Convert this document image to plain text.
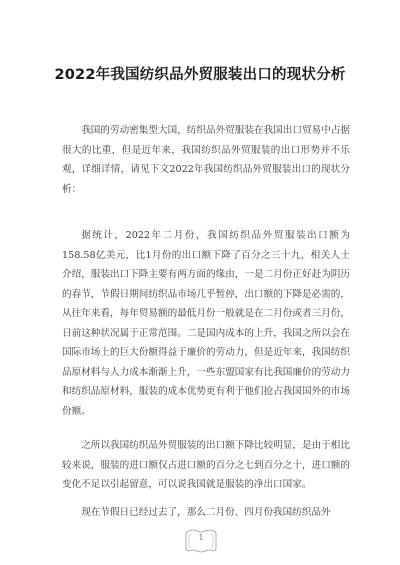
2022年我国纺织品外贸服装出口的现状分析

我国的劳动密集型大国，纺织品外贸服装在我国出口贸易中占据很大的比重，但是近年来，我国纺织品外贸服装的出口形势并不乐观，详细详情，请见下文2022年我国纺织品外贸服装出口的现状分析：

据统计，2022年二月份，我国纺织品外贸服装出口额为158.58亿美元，比1月份的出口额下降了百分之三十九，相关人士介绍，服装出口下降主要有两方面的缘由，一是二月份正好赶为阴历的春节，节假日期间纺织品市场几乎暂停，出口额的下降是必需的，从往年来看，每年贸易额的最低月份一般就是在二月份或者三月份，日前这种状况属于正常范围。二是国内成本的上升，我国之所以会在国际市场上的巨大份额得益于廉价的劳动力，但是近年来，我国纺织品原材料与人力成本渐渐上升，一些东盟国家有比我国廉价的劳动力和纺织品原材料，服装的成本优势更有利于他们抢占我国国外的市场份额。

之所以我国纺织品外贸服装的出口额下降比较明显，是由于相比较来说，服装的进口额仅占进口额的百分之七到百分之十，进口额的变化不足以引起留意，可以说我国就是服装的净出口国家。

现在节假日已经过去了，那么二月份、四月份我国纺织品外

1
